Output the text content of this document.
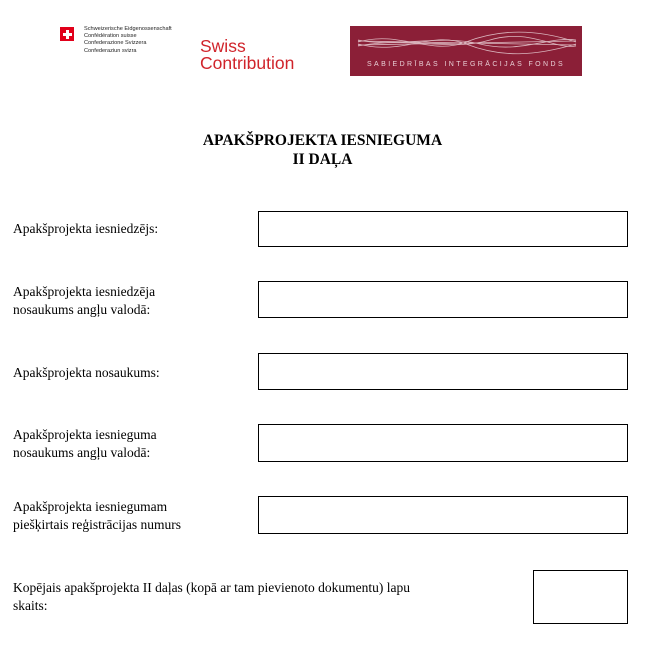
Schweizerische Eidgenossenschaft
Confédération suisse
Confederazione Svizzera
Confederaziun svizra	Swiss
Contribution	SABIEDRĪBAS INTEGRĀCIJAS FONDS
APAKŠPROJEKTA IESNIEGUMA
II DAĻA
Apakšprojekta iesniedzējs:
Apakšprojekta iesniedzēja
nosaukums angļu valodā:
Apakšprojekta nosaukums:
Apakšprojekta iesnieguma
nosaukums angļu valodā:
Apakšprojekta iesniegumam
piešķirtais reģistrācijas numurs
Kopējais apakšprojekta II daļas (kopā ar tam pievienoto dokumentu) lapu
skaits:
